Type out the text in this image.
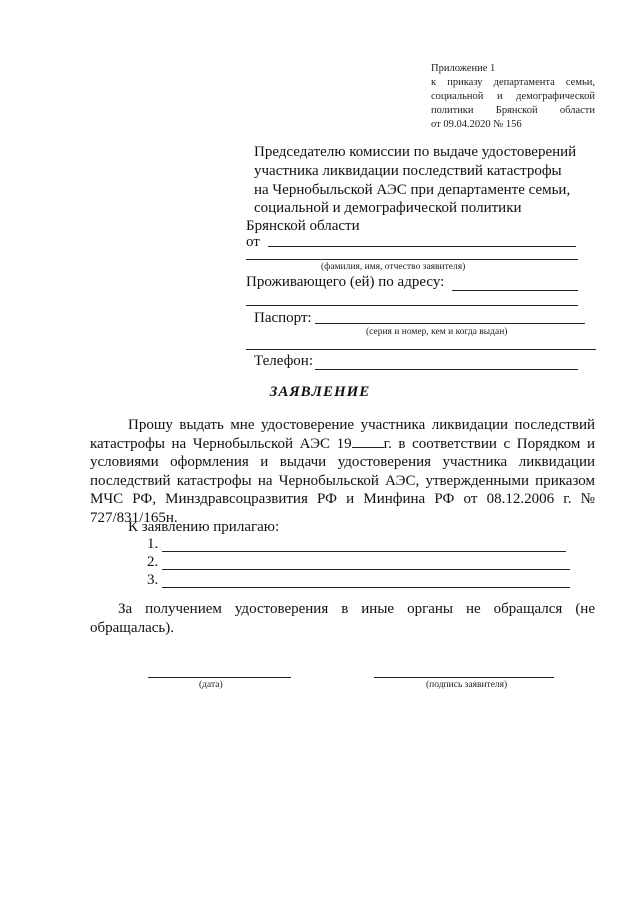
Приложение 1
к приказу департамента семьи,
социальной и демографической
политики Брянской области
от 09.04.2020 № 156
Председателю комиссии по выдаче удостоверений
участника ликвидации последствий катастрофы
на Чернобыльской АЭС при департаменте семьи,
социальной и демографической политики
Брянской области
от
(фамилия, имя, отчество заявителя)
Проживающего (ей) по адресу:
Паспорт:
(серия и номер, кем и когда выдан)
Телефон:
ЗАЯВЛЕНИЕ
Прошу выдать мне удостоверение участника ликвидации последствий катастрофы на Чернобыльской АЭС 19 г. в соответствии с Порядком и условиями оформления и выдачи удостоверения участника ликвидации последствий катастрофы на Чернобыльской АЭС, утвержденными приказом МЧС РФ, Минздравсоцразвития РФ и Минфина РФ от 08.12.2006 г. № 727/831/165н.
К заявлению прилагаю:
1.
2.
3.
За получением удостоверения в иные органы не обращался (не обращалась).
(дата)	(подпись заявителя)
